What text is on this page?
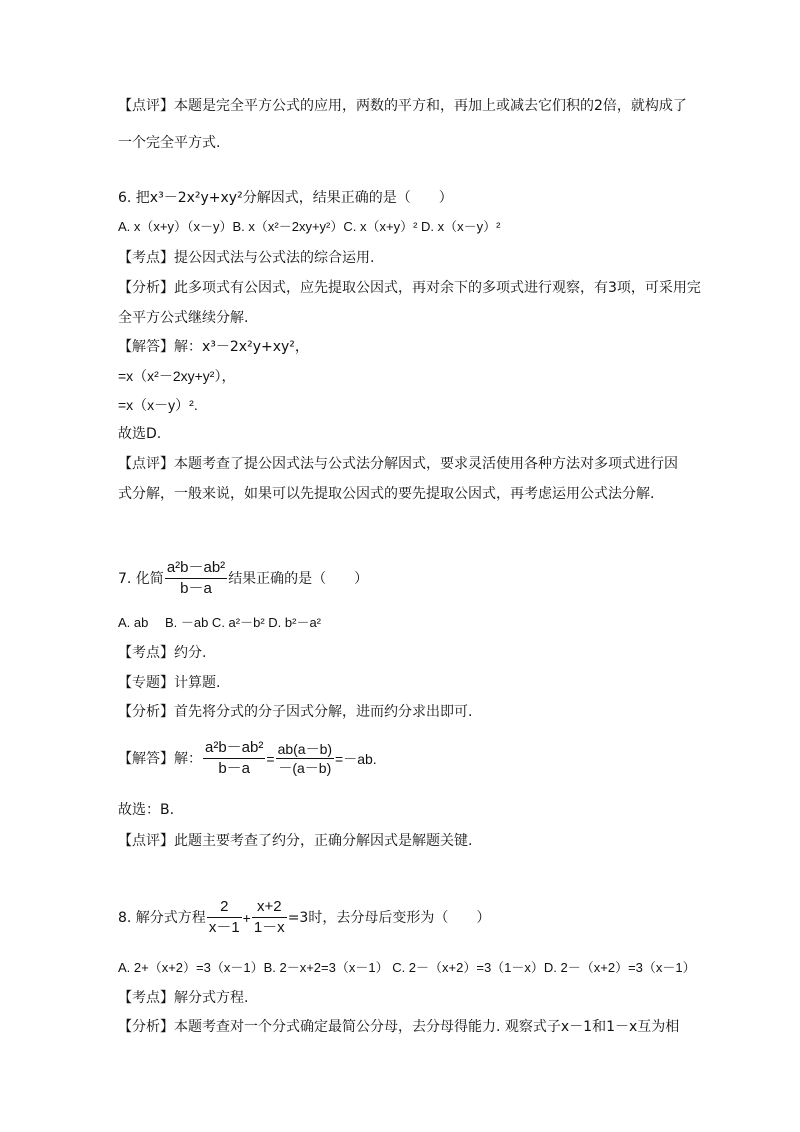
【点评】本题是完全平方公式的应用，两数的平方和，再加上或减去它们积的2倍，就构成了
一个完全平方式.
6. 把x³－2x²y+xy²分解因式，结果正确的是（　　）
A. x（x+y）（x－y）B. x（x²－2xy+y²）C. x（x+y）² D. x（x－y）²
【考点】提公因式法与公式法的综合运用.
【分析】此多项式有公因式，应先提取公因式，再对余下的多项式进行观察，有3项，可采用完
全平方公式继续分解.
【解答】解：x³－2x²y+xy²，
=x（x²－2xy+y²），
=x（x－y）².
故选D.
【点评】本题考查了提公因式法与公式法分解因式，要求灵活使用各种方法对多项式进行因
式分解，一般来说，如果可以先提取公因式的要先提取公因式，再考虑运用公式法分解.
7. 化简 $\frac{\text{a²b－ab²}}{b-a}$ 结果正确的是（　　）
A. ab　 B. －ab C. a²－b² D. b²－a²
【考点】约分.
【专题】计算题.
【分析】首先将分式的分子因式分解，进而约分求出即可.
【解答】解： $\frac{\text{a²b－ab²}}{b-a} = \frac{ab(a-b)}{-(a-b)} =-ab$.
故选：B.
【点评】此题主要考查了约分，正确分解因式是解题关键.
8. 解分式方程 $\frac{2}{x-1} + \frac{x+2}{1-x} =3$时，去分母后变形为（　　）
A. 2+（x+2）=3（x－1）B. 2－x+2=3（x－1） C. 2－（x+2）=3（1－x）D. 2－（x+2）=3（x－1）
【考点】解分式方程.
【分析】本题考查对一个分式确定最简公分母，去分母得能力. 观察式子x－1和1－x互为相
